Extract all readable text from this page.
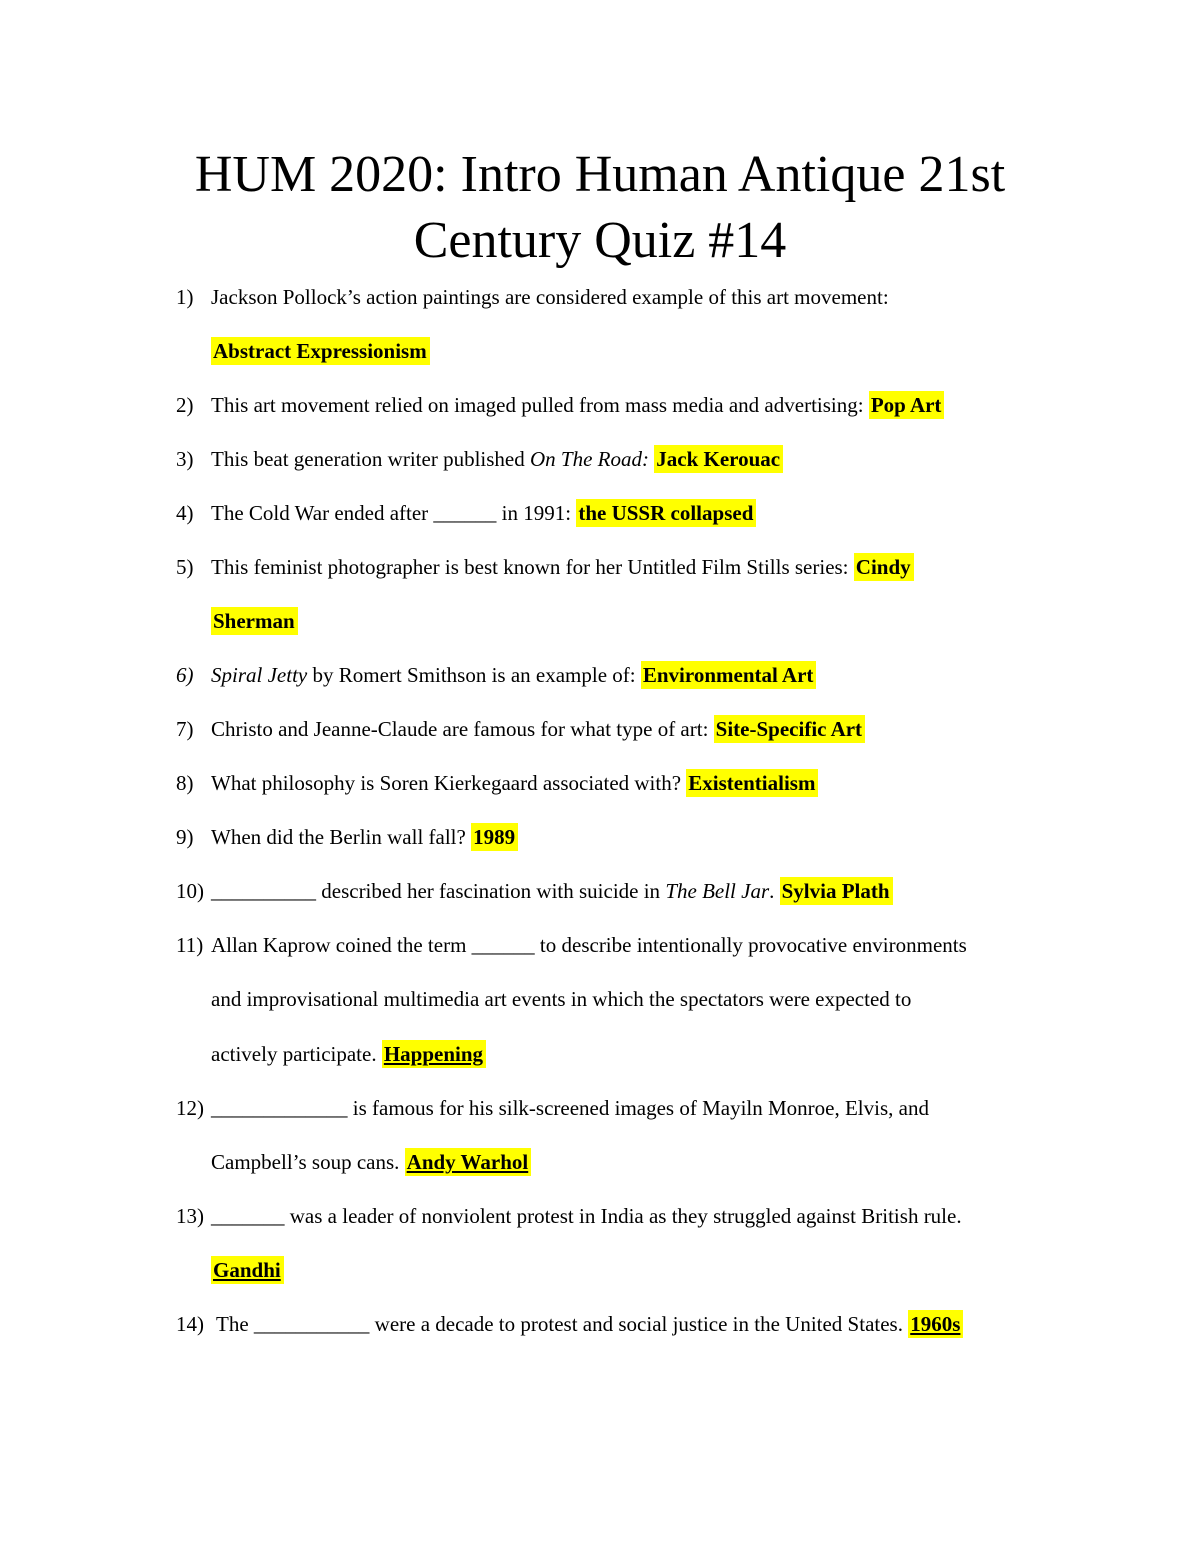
HUM 2020: Intro Human Antique 21st
Century Quiz #14
1) Jackson Pollock’s action paintings are considered example of this art movement:
Abstract Expressionism
2) This art movement relied on imaged pulled from mass media and advertising: Pop Art
3) This beat generation writer published On The Road: Jack Kerouac
4) The Cold War ended after ______ in 1991: the USSR collapsed
5) This feminist photographer is best known for her Untitled Film Stills series: Cindy
Sherman
6) Spiral Jetty by Romert Smithson is an example of: Environmental Art
7) Christo and Jeanne-Claude are famous for what type of art: Site-Specific Art
8) What philosophy is Soren Kierkegaard associated with? Existentialism
9) When did the Berlin wall fall? 1989
10) __________ described her fascination with suicide in The Bell Jar. Sylvia Plath
11) Allan Kaprow coined the term ______ to describe intentionally provocative environments
and improvisational multimedia art events in which the spectators were expected to
actively participate. Happening
12) _____________ is famous for his silk-screened images of Mayiln Monroe, Elvis, and
Campbell’s soup cans. Andy Warhol
13) _______ was a leader of nonviolent protest in India as they struggled against British rule.
Gandhi
14) The ___________ were a decade to protest and social justice in the United States. 1960s
